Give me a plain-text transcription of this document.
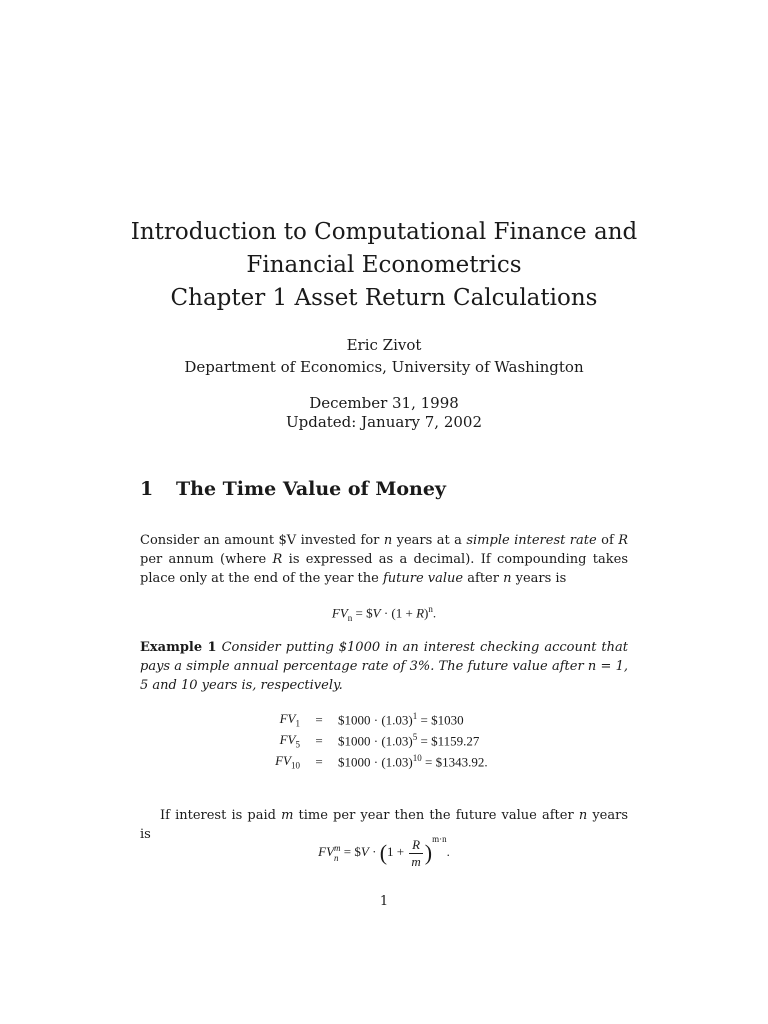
Introduction to Computational Finance and
Financial Econometrics
Chapter 1 Asset Return Calculations
Eric Zivot
Department of Economics, University of Washington
December 31, 1998
Updated: January 7, 2002
1 The Time Value of Money
Consider an amount $V invested for n years at a simple interest rate of R per annum (where R is expressed as a decimal). If compounding takes place only at the end of the year the future value after n years is
$FV_n$ = $V · $(1 + R)^n$.
Example 1 Consider putting $1000 in an interest checking account that pays a simple annual percentage rate of 3%. The future value after n = 1, 5 and 10 years is, respectively.
$FV_1$	=	$1000 · $(1.03)^1$ = $1030
$FV_5$	=	$1000 · $(1.03)^5$ = $1159.27
$FV_{10}$	=	$1000 · $(1.03)^{10}$ = $1343.92.
If interest is paid m time per year then the future value after n years is
FVm
n = $V · $(1 + \frac{R}{m} )^{m\cdot n}$.
1
